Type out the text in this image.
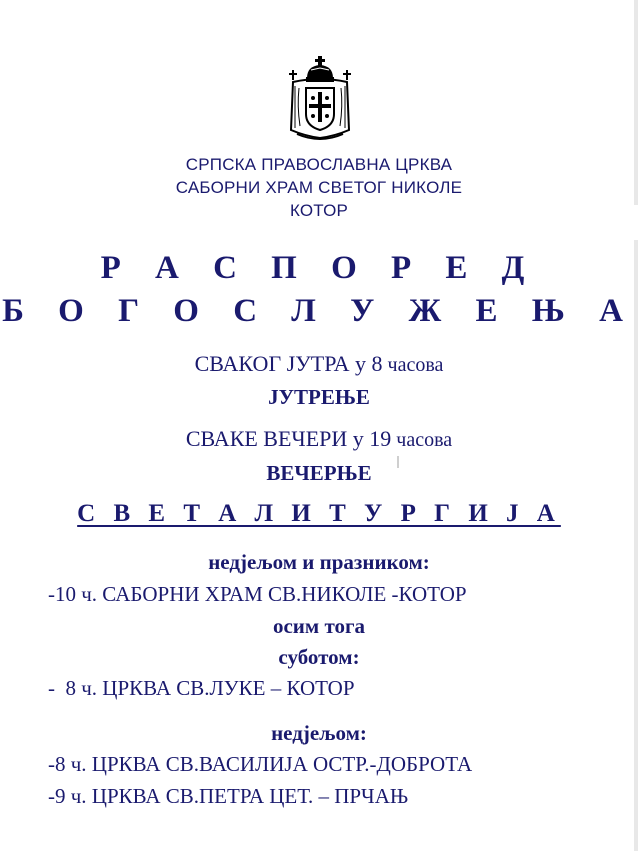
СРПСКА ПРАВОСЛАВНА ЦРКВА
САБОРНИ ХРАМ СВЕТОГ НИКОЛЕ
КОТОР
Р А С П О Р Е Д
Б О Г О С Л У Ж Е Њ А
СВАКОГ ЈУТРА у 8 часова
ЈУТРЕЊЕ
СВАКЕ ВЕЧЕРИ у 19 часова
ВЕЧЕРЊЕ
С В Е Т А Л И Т У Р Г И Ј А
недјељом и празником:
-10 ч. САБОРНИ ХРАМ СВ.НИКОЛЕ -КОТОР
осим тога
суботом:
-  8 ч. ЦРКВА СВ.ЛУКЕ – КОТОР
недјељом:
-8 ч. ЦРКВА СВ.ВАСИЛИЈА ОСТР.-ДОБРОТА
-9 ч. ЦРКВА СВ.ПЕТРА ЦЕТ. – ПРЧАЊ
